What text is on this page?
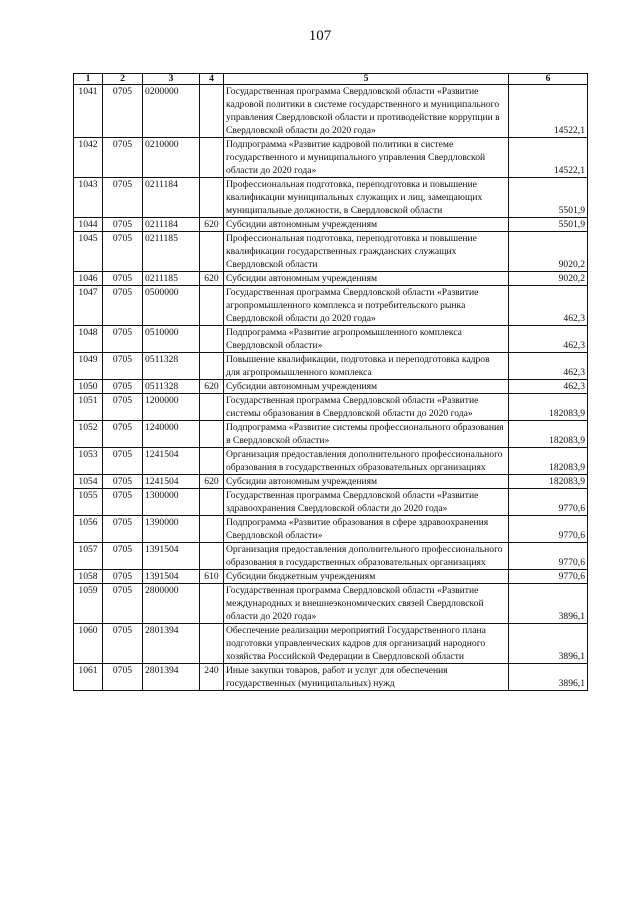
107
1	2	3	4	5	6
1041	0705	0200000		Государственная программа Свердловской области «Развитие кадровой политики в системе государственного и муниципального управления Свердловской области и противодействие коррупции в Свердловской области до 2020 года»	14522,1
1042	0705	0210000		Подпрограмма «Развитие кадровой политики в системе государственного и муниципального управления Свердловской области до 2020 года»	14522,1
1043	0705	0211184		Профессиональная подготовка, переподготовка и повышение квалификации муниципальных служащих и лиц, замещающих муниципальные должности, в Свердловской области	5501,9
1044	0705	0211184	620	Субсидии автономным учреждениям	5501,9
1045	0705	0211185		Профессиональная подготовка, переподготовка и повышение квалификации государственных гражданских служащих Свердловской области	9020,2
1046	0705	0211185	620	Субсидии автономным учреждениям	9020,2
1047	0705	0500000		Государственная программа Свердловской области «Развитие агропромышленного комплекса и потребительского рынка Свердловской области до 2020 года»	462,3
1048	0705	0510000		Подпрограмма «Развитие агропромышленного комплекса Свердловской области»	462,3
1049	0705	0511328		Повышение квалификации, подготовка и переподготовка кадров для агропромышленного комплекса	462,3
1050	0705	0511328	620	Субсидии автономным учреждениям	462,3
1051	0705	1200000		Государственная программа Свердловской области «Развитие системы образования в Свердловской области до 2020 года»	182083,9
1052	0705	1240000		Подпрограмма «Развитие системы профессионального образования в Свердловской области»	182083,9
1053	0705	1241504		Организация предоставления дополнительного профессионального образования в государственных образовательных организациях	182083,9
1054	0705	1241504	620	Субсидии автономным учреждениям	182083,9
1055	0705	1300000		Государственная программа Свердловской области «Развитие здравоохранения Свердловской области до 2020 года»	9770,6
1056	0705	1390000		Подпрограмма «Развитие образования в сфере здравоохранения Свердловской области»	9770,6
1057	0705	1391504		Организация предоставления дополнительного профессионального образования в государственных образовательных организациях	9770,6
1058	0705	1391504	610	Субсидии бюджетным учреждениям	9770,6
1059	0705	2800000		Государственная программа Свердловской области «Развитие международных и внешнеэкономических связей Свердловской области до 2020 года»	3896,1
1060	0705	2801394		Обеспечение реализации мероприятий Государственного плана подготовки управленческих кадров для организаций народного хозяйства Российской Федерации в Свердловской области	3896,1
1061	0705	2801394	240	Иные закупки товаров, работ и услуг для обеспечения государственных (муниципальных) нужд	3896,1
